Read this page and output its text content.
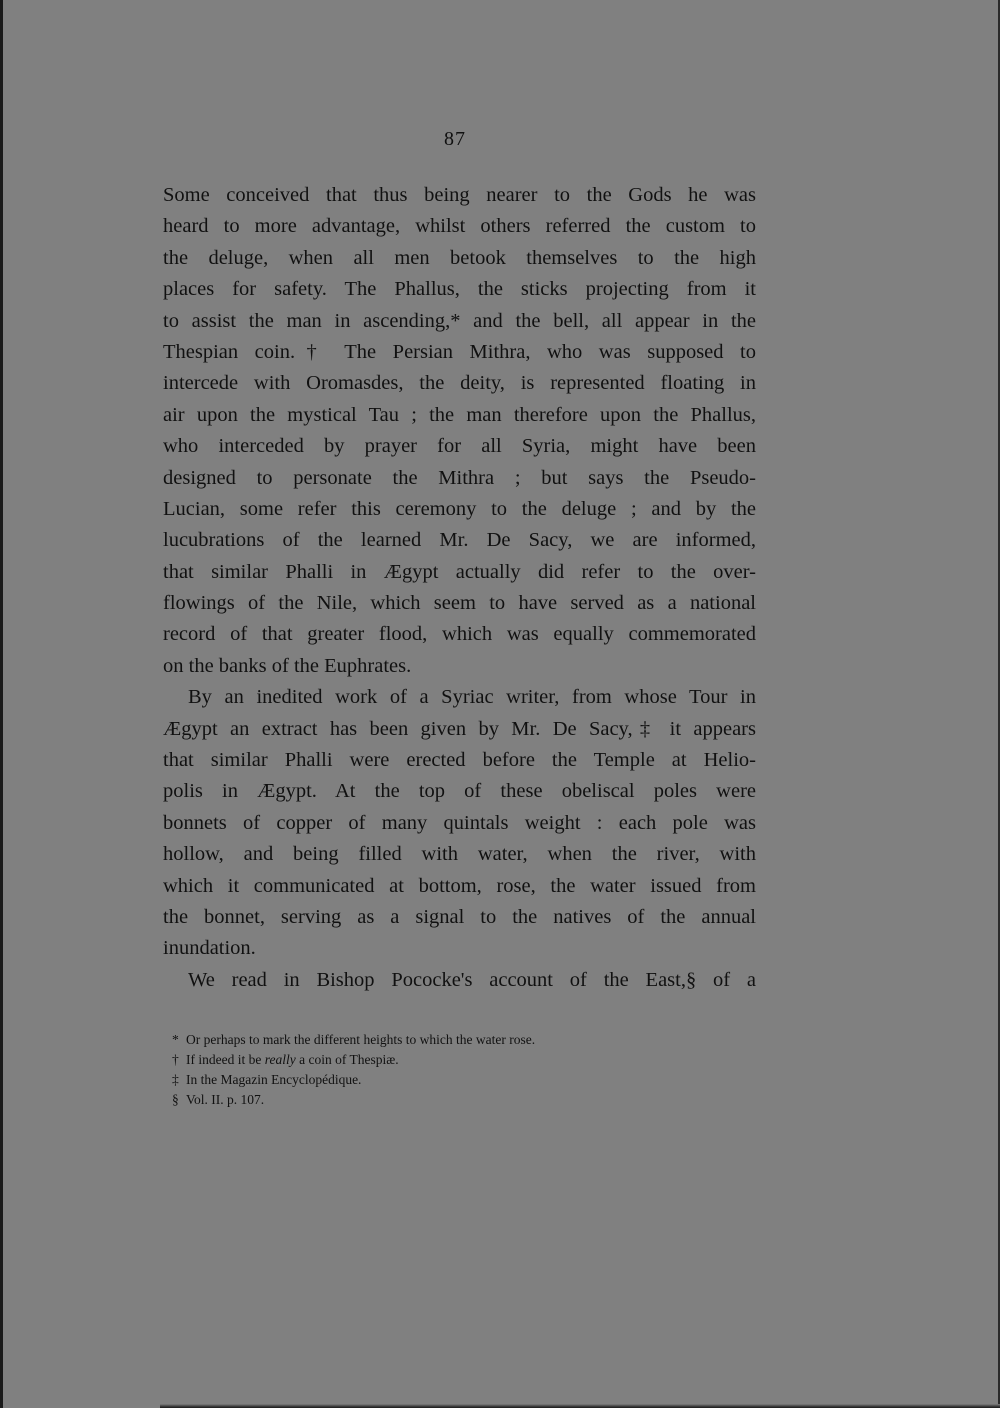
87
Some conceived that thus being nearer to the Gods he was
heard to more advantage, whilst others referred the custom to
the deluge, when all men betook themselves to the high
places for safety. The Phallus, the sticks projecting from it
to assist the man in ascending,* and the bell, all appear in the
Thespian coin.† The Persian Mithra, who was supposed to
intercede with Oromasdes, the deity, is represented floating in
air upon the mystical Tau ; the man therefore upon the Phallus,
who interceded by prayer for all Syria, might have been
designed to personate the Mithra ; but says the Pseudo-
Lucian, some refer this ceremony to the deluge ; and by the
lucubrations of the learned Mr. De Sacy, we are informed,
that similar Phalli in Ægypt actually did refer to the over-
flowings of the Nile, which seem to have served as a national
record of that greater flood, which was equally commemorated
on the banks of the Euphrates.
By an inedited work of a Syriac writer, from whose Tour in
Ægypt an extract has been given by Mr. De Sacy,‡ it appears
that similar Phalli were erected before the Temple at Helio-
polis in Ægypt. At the top of these obeliscal poles were
bonnets of copper of many quintals weight : each pole was
hollow, and being filled with water, when the river, with
which it communicated at bottom, rose, the water issued from
the bonnet, serving as a signal to the natives of the annual
inundation.
We read in Bishop Pococke's account of the East,§ of a
* Or perhaps to mark the different heights to which the water rose.
† If indeed it be really a coin of Thespiæ.
‡ In the Magazin Encyclopédique.
§ Vol. II. p. 107.
